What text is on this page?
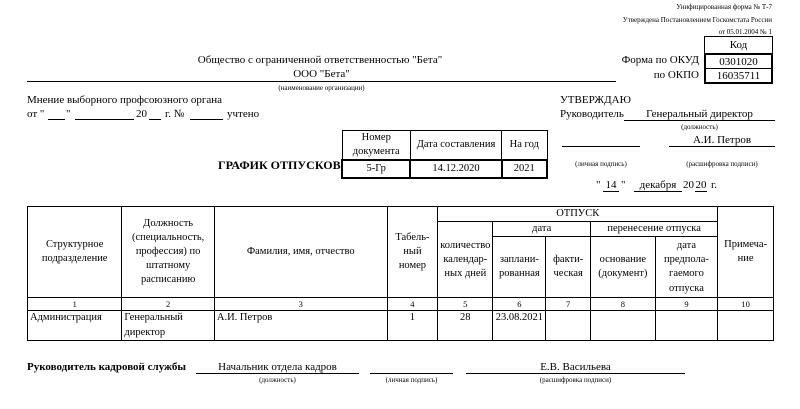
Унифицированная форма № Т-7
Утверждена Постановлением Госкомстата России
от 05.01.2004 № 1
Код
0301020
16035711
Форма по ОКУД
по ОКПО
Общество с ограниченной ответственностью "Бета"
ООО "Бета"
(наименование организации)
Мнение выборного профсоюзного органа
от " "	20 г. №	учтено
УТВЕРЖДАЮ
Руководитель	Генеральный директор
(должность)
А.И. Петров
(личная подпись)	(расшифровка подписи)
" 14 "	декабря 20 20 г.
ГРАФИК ОТПУСКОВ
Номер документа	Дата составления	На год
5-Гр	14.12.2020	2021
Структурное подразделение	Должность (специальность, профессия) по штатному расписанию	Фамилия, имя, отчество	Табель-ный номер	ОТПУСК					Примеча-ние
				количество календар-ных дней	дата		перенесение отпуска		
					заплани-рованная	факти-ческая	основание (документ)	дата предпола-гаемого отпуска	
1	2	3	4	5	6	7	8	9	10
Администрация	Генеральный директор	А.И. Петров	1	28	23.08.2021				
Руководитель кадровой службы	Начальник отдела кадров
(должность)	(личная подпись)
Е.В. Васильева
(расшифровка подписи)
